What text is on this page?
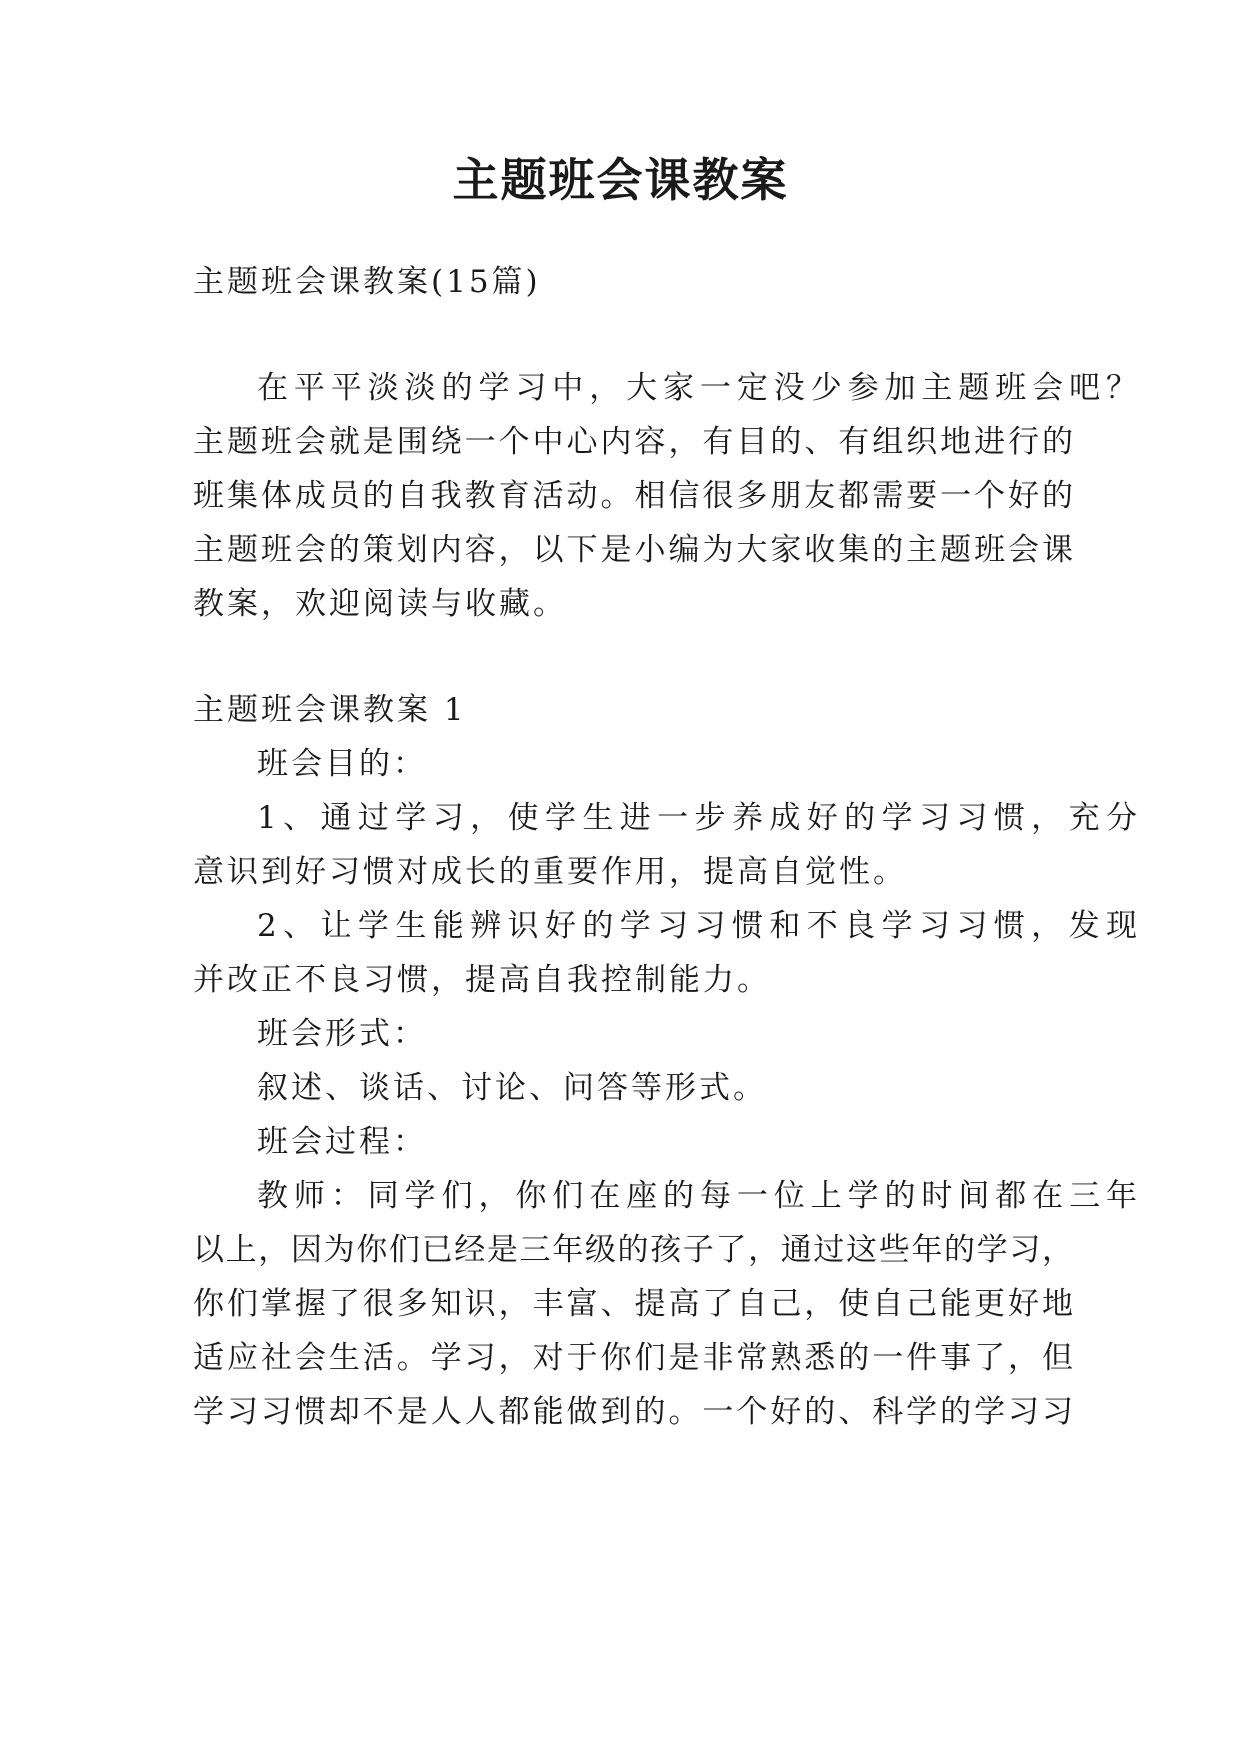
主题班会课教案
主题班会课教案(15篇)
在平平淡淡的学习中，大家一定没少参加主题班会吧？
主题班会就是围绕一个中心内容，有目的、有组织地进行的
班集体成员的自我教育活动。相信很多朋友都需要一个好的
主题班会的策划内容，以下是小编为大家收集的主题班会课
教案，欢迎阅读与收藏。
主题班会课教案 1
班会目的：
1、通过学习，使学生进一步养成好的学习习惯，充分
意识到好习惯对成长的重要作用，提高自觉性。
2、让学生能辨识好的学习习惯和不良学习习惯，发现
并改正不良习惯，提高自我控制能力。
班会形式：
叙述、谈话、讨论、问答等形式。
班会过程：
教师：同学们，你们在座的每一位上学的时间都在三年
以上，因为你们已经是三年级的孩子了，通过这些年的学习，
你们掌握了很多知识，丰富、提高了自己，使自己能更好地
适应社会生活。学习，对于你们是非常熟悉的一件事了，但
学习习惯却不是人人都能做到的。一个好的、科学的学习习
